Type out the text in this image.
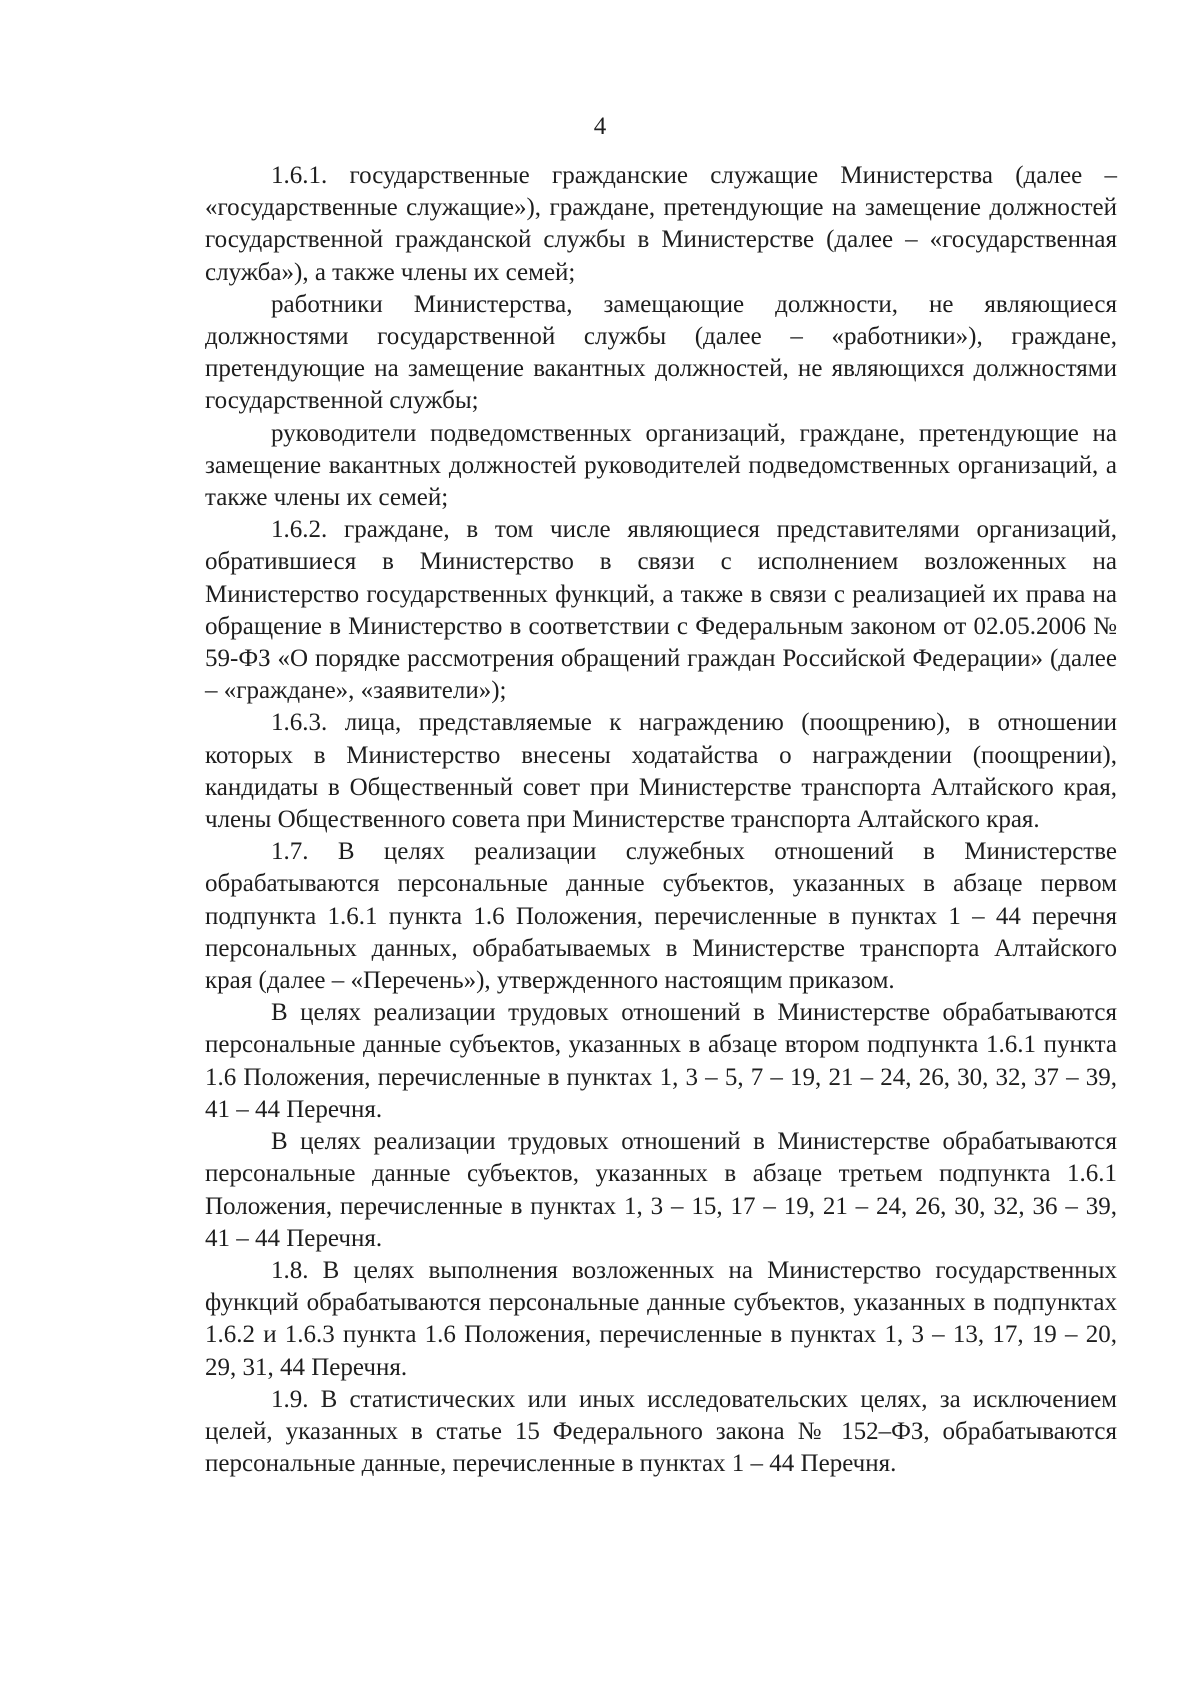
4

1.6.1. государственные гражданские служащие Министерства (далее – «государственные служащие»), граждане, претендующие на замещение должностей государственной гражданской службы в Министерстве (далее – «государственная служба»), а также члены их семей;

работники Министерства, замещающие должности, не являющиеся должностями государственной службы (далее – «работники»), граждане, претендующие на замещение вакантных должностей, не являющихся должностями государственной службы;

руководители подведомственных организаций, граждане, претендующие на замещение вакантных должностей руководителей подведомственных организаций, а также члены их семей;

1.6.2. граждане, в том числе являющиеся представителями организаций, обратившиеся в Министерство в связи с исполнением возложенных на Министерство государственных функций, а также в связи с реализацией их права на обращение в Министерство в соответствии с Федеральным законом от 02.05.2006 № 59-ФЗ «О порядке рассмотрения обращений граждан Российской Федерации» (далее – «граждане», «заявители»);

1.6.3. лица, представляемые к награждению (поощрению), в отношении которых в Министерство внесены ходатайства о награждении (поощрении), кандидаты в Общественный совет при Министерстве транспорта Алтайского края, члены Общественного совета при Министерстве транспорта Алтайского края.

1.7. В целях реализации служебных отношений в Министерстве обрабатываются персональные данные субъектов, указанных в абзаце первом подпункта 1.6.1 пункта 1.6 Положения, перечисленные в пунктах 1 – 44 перечня персональных данных, обрабатываемых в Министерстве транспорта Алтайского края (далее – «Перечень»), утвержденного настоящим приказом.

В целях реализации трудовых отношений в Министерстве обрабатываются персональные данные субъектов, указанных в абзаце втором подпункта 1.6.1 пункта 1.6 Положения, перечисленные в пунктах 1, 3 – 5, 7 – 19, 21 – 24, 26, 30, 32, 37 – 39, 41 – 44 Перечня.

В целях реализации трудовых отношений в Министерстве обрабатываются персональные данные субъектов, указанных в абзаце третьем подпункта 1.6.1 Положения, перечисленные в пунктах 1, 3 – 15, 17 – 19, 21 – 24, 26, 30, 32, 36 – 39, 41 – 44 Перечня.

1.8. В целях выполнения возложенных на Министерство государственных функций обрабатываются персональные данные субъектов, указанных в подпунктах 1.6.2 и 1.6.3 пункта 1.6 Положения, перечисленные в пунктах 1, 3 – 13, 17, 19 – 20, 29, 31, 44 Перечня.

1.9. В статистических или иных исследовательских целях, за исключением целей, указанных в статье 15 Федерального закона № 152–ФЗ, обрабатываются персональные данные, перечисленные в пунктах 1 – 44 Перечня.
